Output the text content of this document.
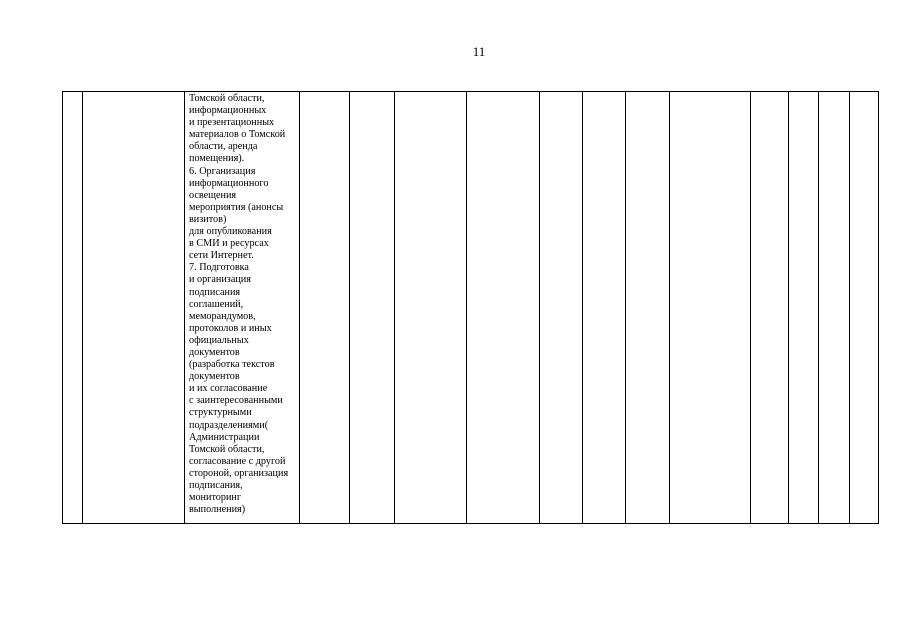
11

Томской области,
информационных
и презентационных
материалов о Томской
области, аренда
помещения).
6. Организация
информационного
освещения
мероприятия (анонсы
визитов)
для опубликования
в СМИ и ресурсах
сети Интернет.
7. Подготовка
и организация
подписания
соглашений,
меморандумов,
протоколов и иных
официальных
документов
(разработка текстов
документов
и их согласование
с заинтересованными
структурными
подразделениями(
Администрации
Томской области,
согласование с другой
стороной, организация
подписания,
мониторинг
выполнения)
